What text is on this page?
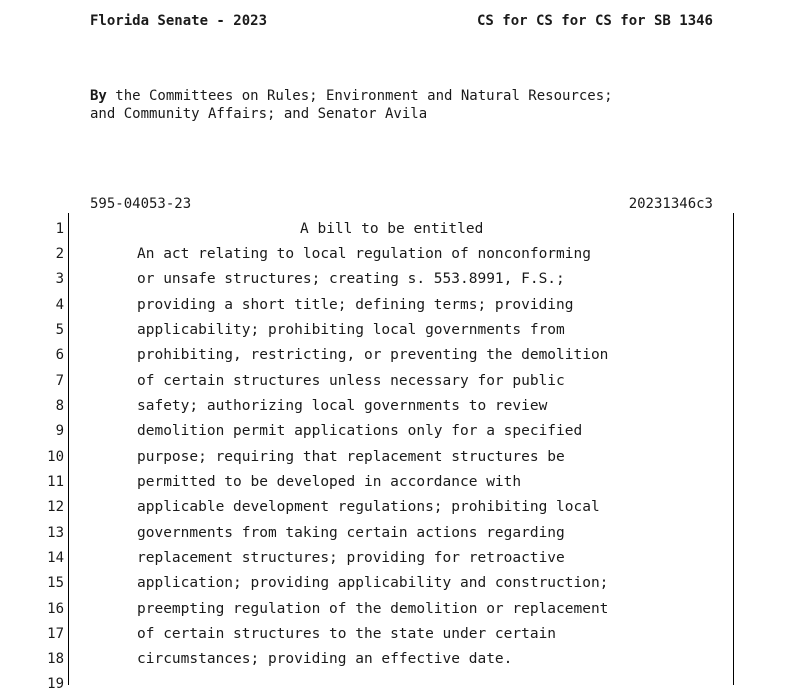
Florida Senate - 2023	CS for CS for CS for SB 1346
By the Committees on Rules; Environment and Natural Resources;
and Community Affairs; and Senator Avila
595-04053-23	20231346c3
1	A bill to be entitled
2	An act relating to local regulation of nonconforming
3	or unsafe structures; creating s. 553.8991, F.S.;
4	providing a short title; defining terms; providing
5	applicability; prohibiting local governments from
6	prohibiting, restricting, or preventing the demolition
7	of certain structures unless necessary for public
8	safety; authorizing local governments to review
9	demolition permit applications only for a specified
10	purpose; requiring that replacement structures be
11	permitted to be developed in accordance with
12	applicable development regulations; prohibiting local
13	governments from taking certain actions regarding
14	replacement structures; providing for retroactive
15	application; providing applicability and construction;
16	preempting regulation of the demolition or replacement
17	of certain structures to the state under certain
18	circumstances; providing an effective date.
19
